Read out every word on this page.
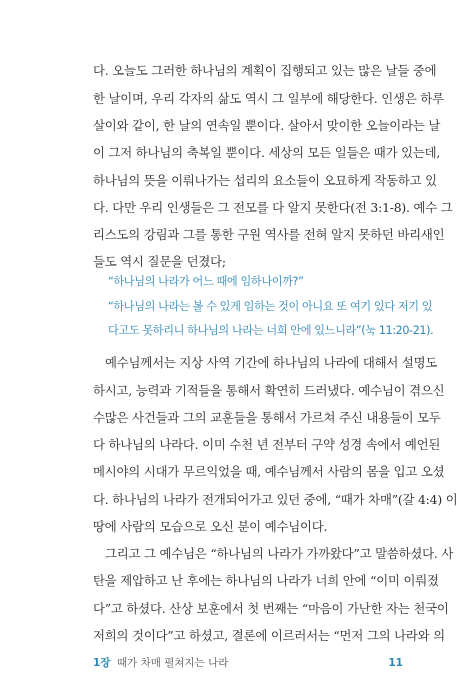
다. 오늘도 그러한 하나님의 계획이 집행되고 있는 많은 날들 중에
한 날이며, 우리 각자의 삶도 역시 그 일부에 해당한다. 인생은 하루
살이와 같이, 한 날의 연속일 뿐이다. 살아서 맞이한 오늘이라는 날
이 그저 하나님의 축복일 뿐이다. 세상의 모든 일들은 때가 있는데,
하나님의 뜻을 이뤄나가는 섭리의 요소들이 오묘하게 작동하고 있
다. 다만 우리 인생들은 그 전모를 다 알지 못한다(전 3:1-8). 예수 그
리스도의 강림과 그를 통한 구원 역사를 전혀 알지 못하던 바리새인
들도 역시 질문을 던졌다;
예수님께서는 지상 사역 기간에 하나님의 나라에 대해서 설명도
하시고, 능력과 기적들을 통해서 확연히 드러냈다. 예수님이 겪으신
수많은 사건들과 그의 교훈들을 통해서 가르쳐 주신 내용들이 모두
다 하나님의 나라다. 이미 수천 년 전부터 구약 성경 속에서 예언된
메시야의 시대가 무르익었을 때, 예수님께서 사람의 몸을 입고 오셨
다. 하나님의 나라가 전개되어가고 있던 중에, “때가 차매”(갈 4:4) 이
땅에 사람의 모습으로 오신 분이 예수님이다.
그리고 그 예수님은 “하나님의 나라가 가까왔다”고 말씀하셨다. 사
탄을 제압하고 난 후에는 하나님의 나라가 너희 안에 “이미 이뤄졌
다”고 하셨다. 산상 보훈에서 첫 번째는 “마음이 가난한 자는 천국이
저희의 것이다”고 하셨고, 결론에 이르러서는 “먼저 그의 나라와 의
“하나님의 나라가 어느 때에 임하나이까?”
“하나님의 나라는 볼 수 있게 임하는 것이 아니요 또 여기 있다 저기 있
다고도 못하리니 하나님의 나라는 너희 안에 있느니라”(눅 11:20-21).
1장 때가 차매 펼쳐지는 나라	11
